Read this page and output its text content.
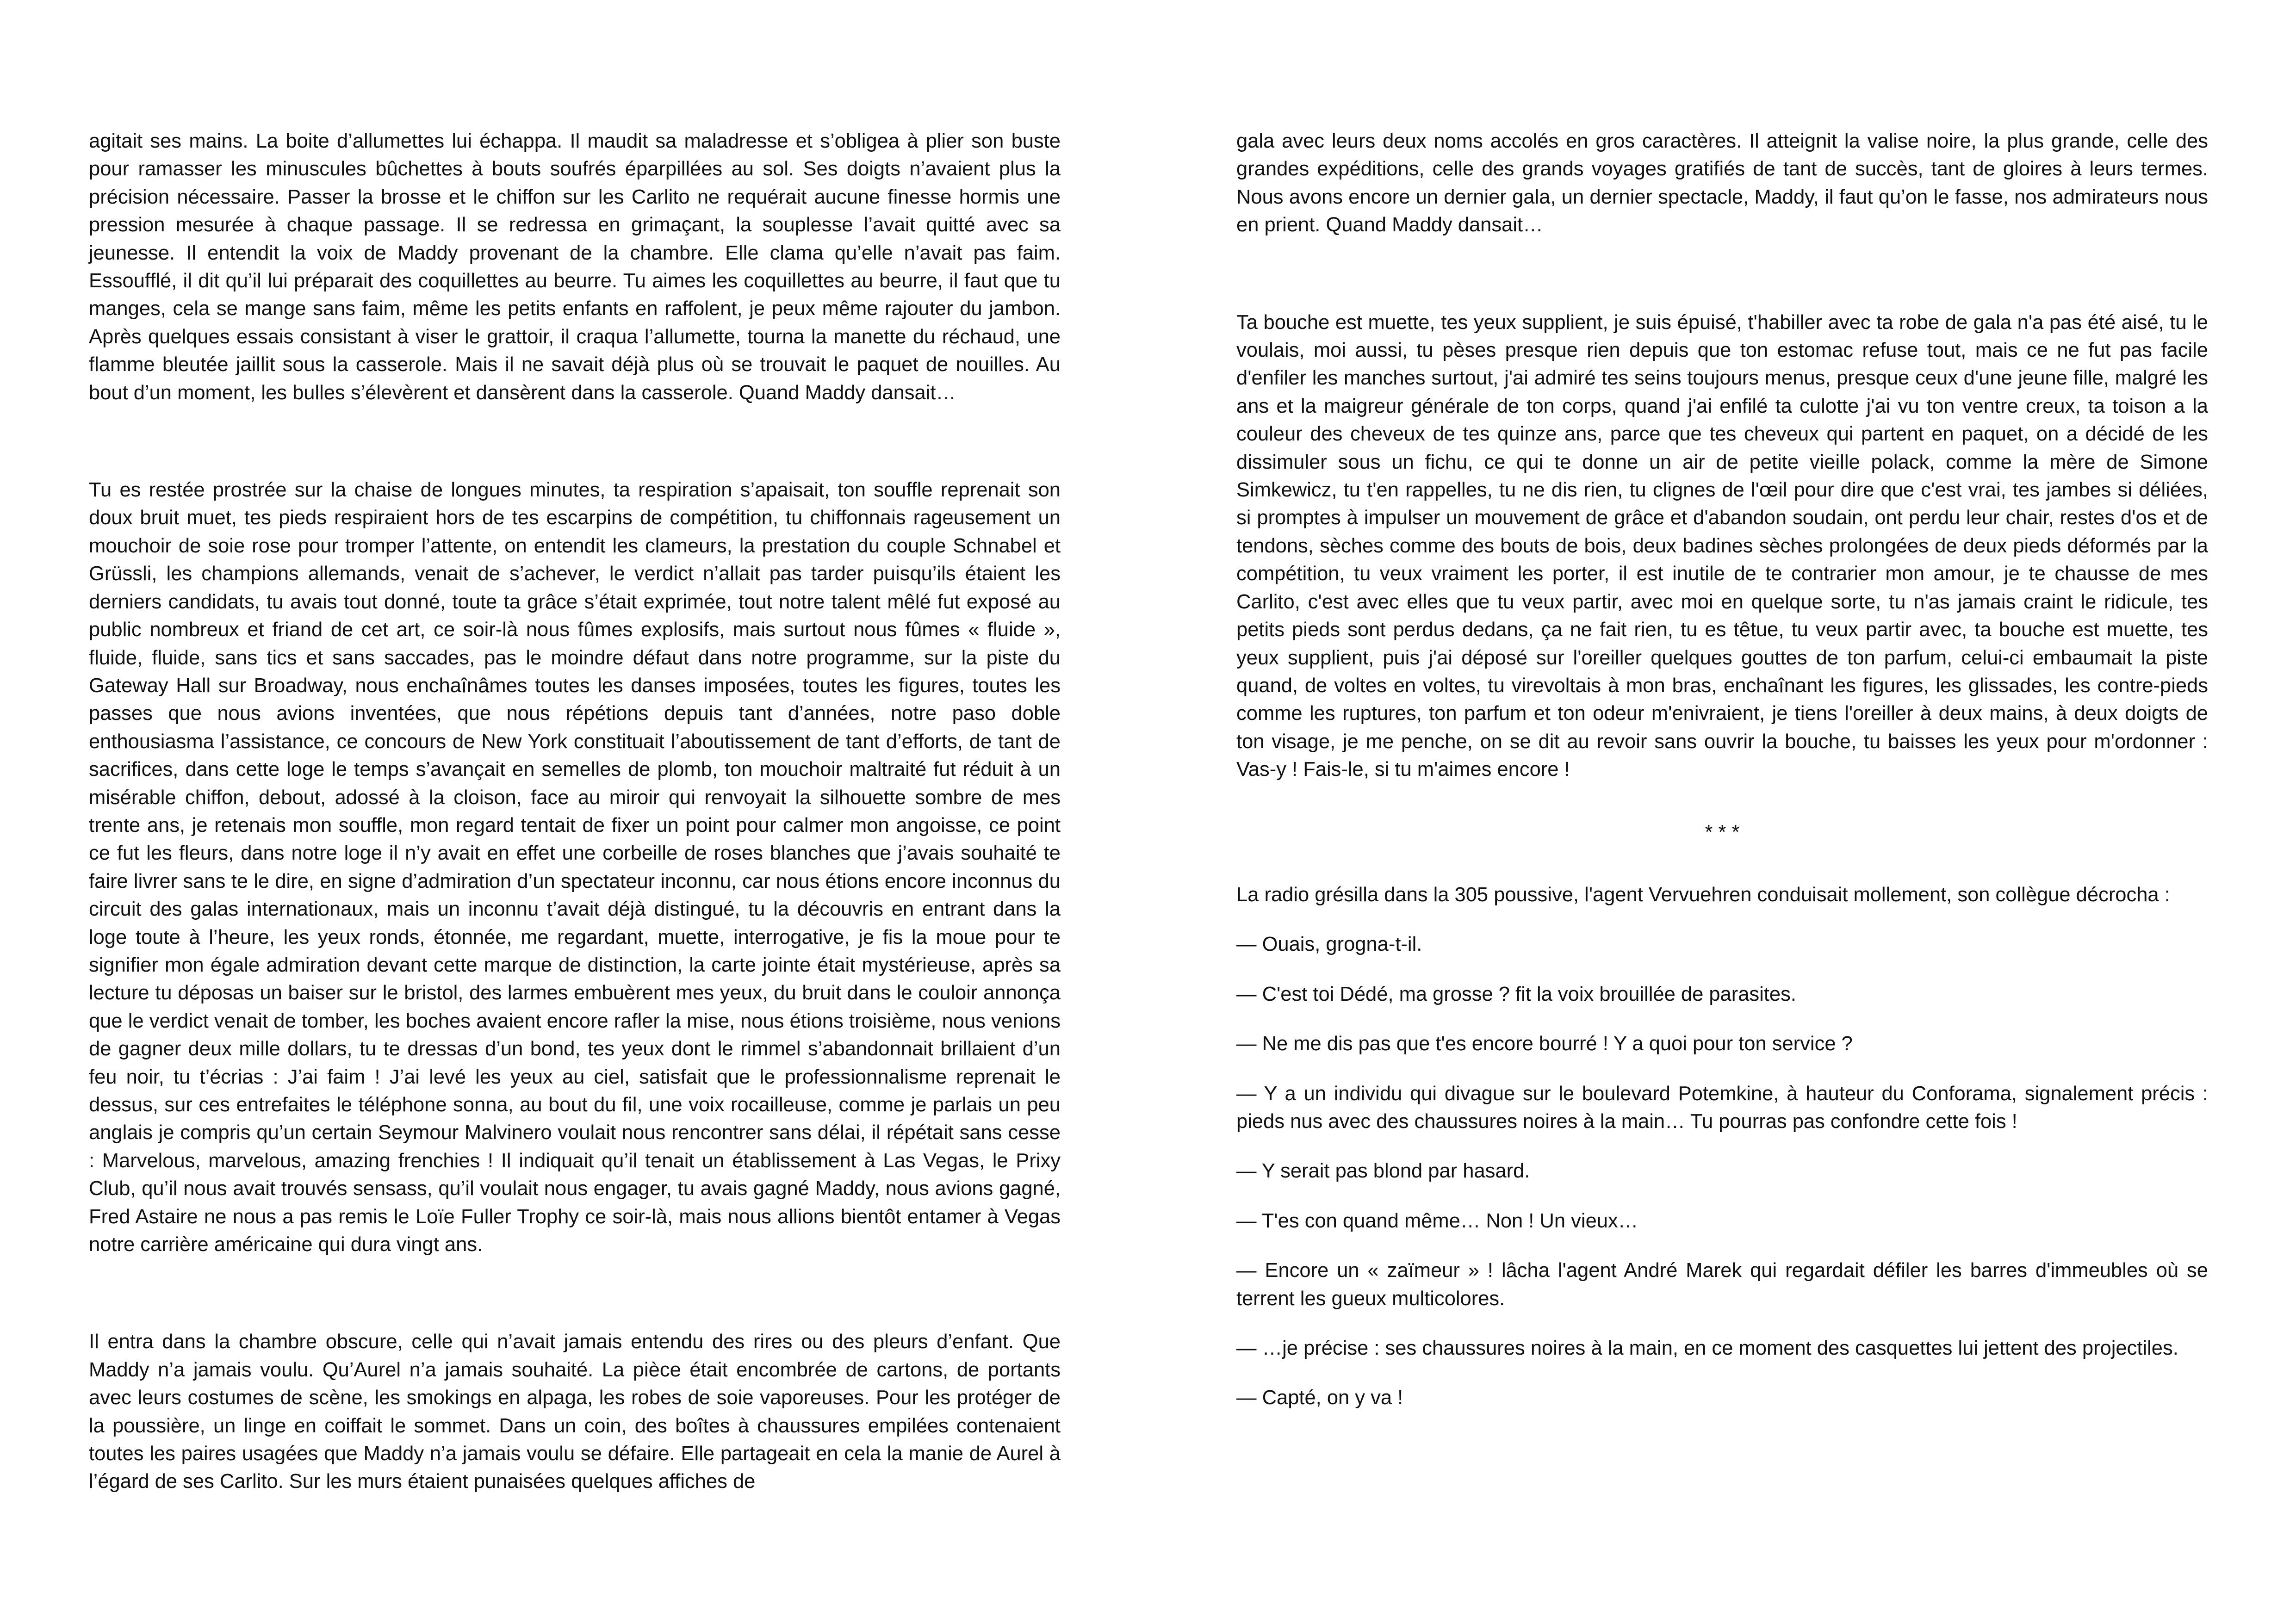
agitait ses mains. La boite d’allumettes lui échappa. Il maudit sa maladresse et s’obligea à plier son buste pour ramasser les minuscules bûchettes à bouts soufrés éparpillées au sol. Ses doigts n’avaient plus la précision nécessaire. Passer la brosse et le chiffon sur les Carlito ne requérait aucune finesse hormis une pression mesurée à chaque passage. Il se redressa en grimaçant, la souplesse l’avait quitté avec sa jeunesse. Il entendit la voix de Maddy provenant de la chambre. Elle clama qu’elle n’avait pas faim. Essoufflé, il dit qu’il lui préparait des coquillettes au beurre. Tu aimes les coquillettes au beurre, il faut que tu manges, cela se mange sans faim, même les petits enfants en raffolent, je peux même rajouter du jambon. Après quelques essais consistant à viser le grattoir, il craqua l’allumette, tourna la manette du réchaud, une flamme bleutée jaillit sous la casserole. Mais il ne savait déjà plus où se trouvait le paquet de nouilles. Au bout d’un moment, les bulles s’élevèrent et dansèrent dans la casserole. Quand Maddy dansait…

Tu es restée prostrée sur la chaise de longues minutes, ta respiration s’apaisait, ton souffle reprenait son doux bruit muet, tes pieds respiraient hors de tes escarpins de compétition, tu chiffonnais rageusement un mouchoir de soie rose pour tromper l’attente, on entendit les clameurs, la prestation du couple Schnabel et Grüssli, les champions allemands, venait de s’achever, le verdict n’allait pas tarder puisqu’ils étaient les derniers candidats, tu avais tout donné, toute ta grâce s’était exprimée, tout notre talent mêlé fut exposé au public nombreux et friand de cet art, ce soir-là nous fûmes explosifs, mais surtout nous fûmes « fluide », fluide, fluide, sans tics et sans saccades, pas le moindre défaut dans notre programme, sur la piste du Gateway Hall sur Broadway, nous enchaînâmes toutes les danses imposées, toutes les figures, toutes les passes que nous avions inventées, que nous répétions depuis tant d’années, notre paso doble enthousiasma l’assistance, ce concours de New York constituait l’aboutissement de tant d’efforts, de tant de sacrifices, dans cette loge le temps s’avançait en semelles de plomb, ton mouchoir maltraité fut réduit à un misérable chiffon, debout, adossé à la cloison, face au miroir qui renvoyait la silhouette sombre de mes trente ans, je retenais mon souffle, mon regard tentait de fixer un point pour calmer mon angoisse, ce point ce fut les fleurs, dans notre loge il n’y avait en effet une corbeille de roses blanches que j’avais souhaité te faire livrer sans te le dire, en signe d’admiration d’un spectateur inconnu, car nous étions encore inconnus du circuit des galas internationaux, mais un inconnu t’avait déjà distingué, tu la découvris en entrant dans la loge toute à l’heure, les yeux ronds, étonnée, me regardant, muette, interrogative, je fis la moue pour te signifier mon égale admiration devant cette marque de distinction, la carte jointe était mystérieuse, après sa lecture tu déposas un baiser sur le bristol, des larmes embuèrent mes yeux, du bruit dans le couloir annonça que le verdict venait de tomber, les boches avaient encore rafler la mise, nous étions troisième, nous venions de gagner deux mille dollars, tu te dressas d’un bond, tes yeux dont le rimmel s’abandonnait brillaient d’un feu noir, tu t’écrias : J’ai faim ! J’ai levé les yeux au ciel, satisfait que le professionnalisme reprenait le dessus, sur ces entrefaites le téléphone sonna, au bout du fil, une voix rocailleuse, comme je parlais un peu anglais je compris qu’un certain Seymour Malvinero voulait nous rencontrer sans délai, il répétait sans cesse : Marvelous, marvelous, amazing frenchies ! Il indiquait qu’il tenait un établissement à Las Vegas, le Prixy Club, qu’il nous avait trouvés sensass, qu’il voulait nous engager, tu avais gagné Maddy, nous avions gagné, Fred Astaire ne nous a pas remis le Loïe Fuller Trophy ce soir-là, mais nous allions bientôt entamer à Vegas notre carrière américaine qui dura vingt ans.

Il entra dans la chambre obscure, celle qui n’avait jamais entendu des rires ou des pleurs d’enfant. Que Maddy n’a jamais voulu. Qu’Aurel n’a jamais souhaité. La pièce était encombrée de cartons, de portants avec leurs costumes de scène, les smokings en alpaga, les robes de soie vaporeuses. Pour les protéger de la poussière, un linge en coiffait le sommet. Dans un coin, des boîtes à chaussures empilées contenaient toutes les paires usagées que Maddy n’a jamais voulu se défaire. Elle partageait en cela la manie de Aurel à l’égard de ses Carlito. Sur les murs étaient punaisées quelques affiches de

gala avec leurs deux noms accolés en gros caractères. Il atteignit la valise noire, la plus grande, celle des grandes expéditions, celle des grands voyages gratifiés de tant de succès, tant de gloires à leurs termes. Nous avons encore un dernier gala, un dernier spectacle, Maddy, il faut qu’on le fasse, nos admirateurs nous en prient. Quand Maddy dansait…

Ta bouche est muette, tes yeux supplient, je suis épuisé, t'habiller avec ta robe de gala n'a pas été aisé, tu le voulais, moi aussi, tu pèses presque rien depuis que ton estomac refuse tout, mais ce ne fut pas facile d'enfiler les manches surtout, j'ai admiré tes seins toujours menus, presque ceux d'une jeune fille, malgré les ans et la maigreur générale de ton corps, quand j'ai enfilé ta culotte j'ai vu ton ventre creux, ta toison a la couleur des cheveux de tes quinze ans, parce que tes cheveux qui partent en paquet, on a décidé de les dissimuler sous un fichu, ce qui te donne un air de petite vieille polack, comme la mère de Simone Simkewicz, tu t'en rappelles, tu ne dis rien, tu clignes de l'œil pour dire que c'est vrai, tes jambes si déliées, si promptes à impulser un mouvement de grâce et d'abandon soudain, ont perdu leur chair, restes d'os et de tendons, sèches comme des bouts de bois, deux badines sèches prolongées de deux pieds déformés par la compétition, tu veux vraiment les porter, il est inutile de te contrarier mon amour, je te chausse de mes Carlito, c'est avec elles que tu veux partir, avec moi en quelque sorte, tu n'as jamais craint le ridicule, tes petits pieds sont perdus dedans, ça ne fait rien, tu es têtue, tu veux partir avec, ta bouche est muette, tes yeux supplient, puis j'ai déposé sur l'oreiller quelques gouttes de ton parfum, celui-ci embaumait la piste quand, de voltes en voltes, tu virevoltais à mon bras, enchaînant les figures, les glissades, les contre-pieds comme les ruptures, ton parfum et ton odeur m'enivraient, je tiens l'oreiller à deux mains, à deux doigts de ton visage, je me penche, on se dit au revoir sans ouvrir la bouche, tu baisses les yeux pour m'ordonner : Vas-y ! Fais-le, si tu m'aimes encore !

* * *

La radio grésilla dans la 305 poussive, l'agent Vervuehren conduisait mollement, son collègue décrocha :

— Ouais, grogna-t-il.

— C'est toi Dédé, ma grosse ? fit la voix brouillée de parasites.

— Ne me dis pas que t'es encore bourré ! Y a quoi pour ton service ?

— Y a un individu qui divague sur le boulevard Potemkine, à hauteur du Conforama, signalement précis : pieds nus avec des chaussures noires à la main… Tu pourras pas confondre cette fois !

— Y serait pas blond par hasard.

— T'es con quand même… Non ! Un vieux…

— Encore un « zaïmeur » ! lâcha l'agent André Marek qui regardait défiler les barres d'immeubles où se terrent les gueux multicolores.

— …je précise : ses chaussures noires à la main, en ce moment des casquettes lui jettent des projectiles.

— Capté, on y va !
